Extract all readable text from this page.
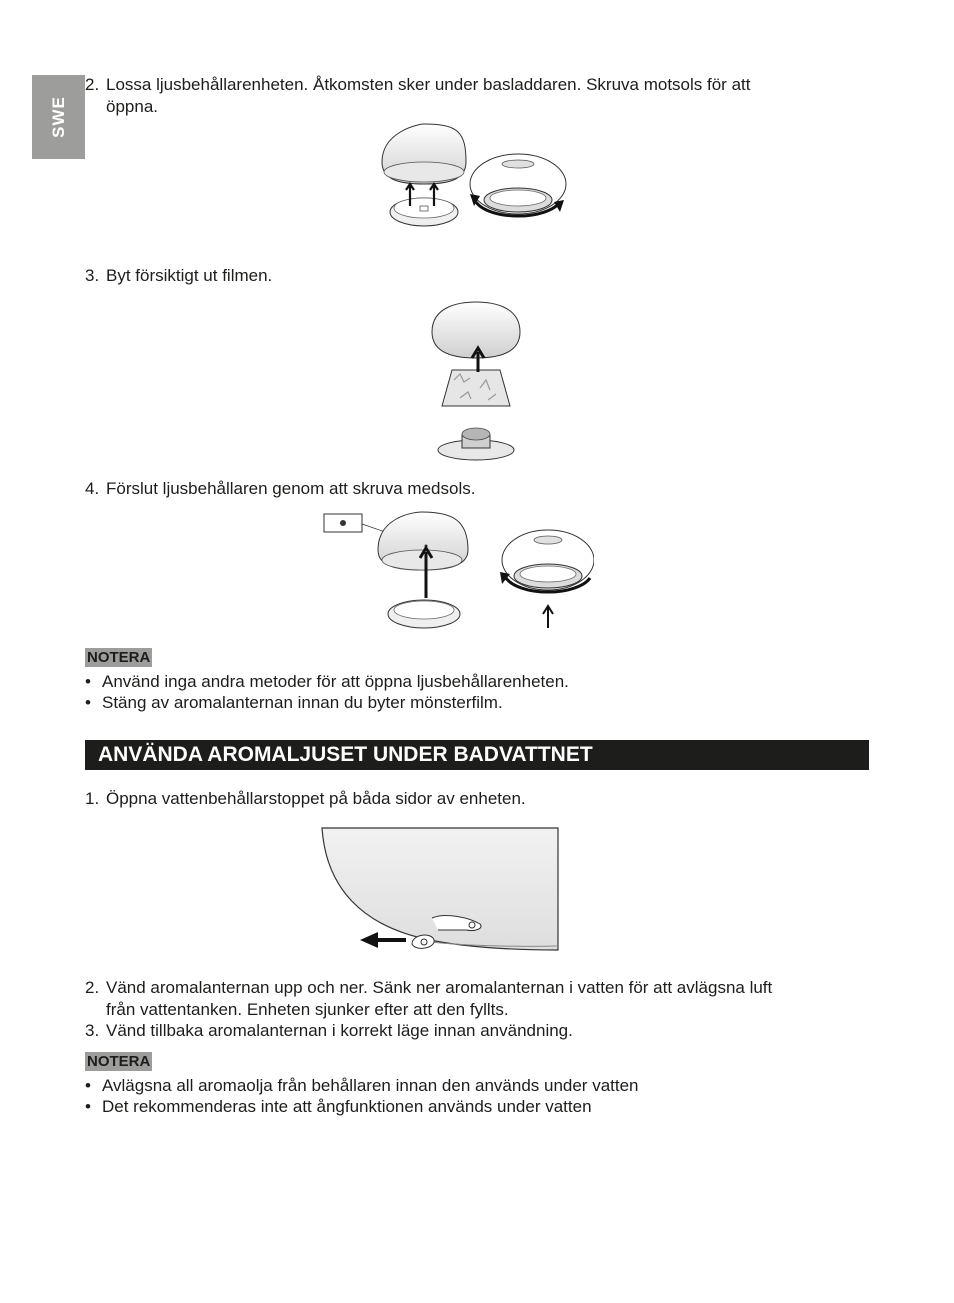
SWE
2. Lossa ljusbehållarenheten. Åtkomsten sker under basladdaren. Skruva motsols för att
öppna.
3. Byt försiktigt ut filmen.
4. Förslut ljusbehållaren genom att skruva medsols.
NOTERA
• Använd inga andra metoder för att öppna ljusbehållarenheten.
• Stäng av aromalanternan innan du byter mönsterfilm.
ANVÄNDA AROMALJUSET UNDER BADVATTNET
1. Öppna vattenbehållarstoppet på båda sidor av enheten.
2. Vänd aromalanternan upp och ner. Sänk ner aromalanternan i vatten för att avlägsna luft
från vattentanken. Enheten sjunker efter att den fyllts.
3. Vänd tillbaka aromalanternan i korrekt läge innan användning.
NOTERA
• Avlägsna all aromaolja från behållaren innan den används under vatten
• Det rekommenderas inte att ångfunktionen används under vatten
